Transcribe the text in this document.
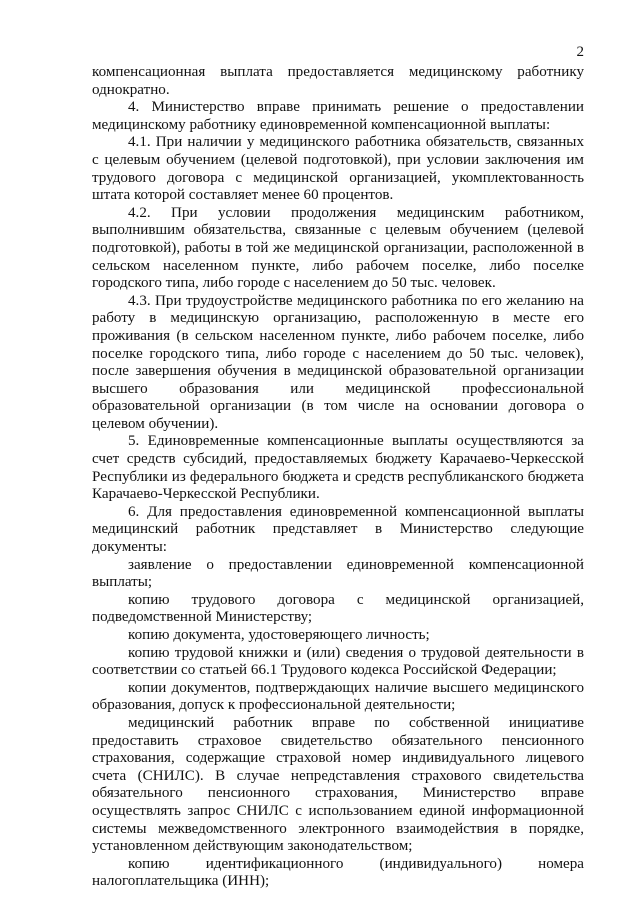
2

компенсационная выплата предоставляется медицинскому работнику однократно.

4. Министерство вправе принимать решение о предоставлении медицинскому работнику единовременной компенсационной выплаты:

4.1. При наличии у медицинского работника обязательств, связанных с целевым обучением (целевой подготовкой), при условии заключения им трудового договора с медицинской организацией, укомплектованность штата которой составляет менее 60 процентов.

4.2. При условии продолжения медицинским работником, выполнившим обязательства, связанные с целевым обучением (целевой подготовкой), работы в той же медицинской организации, расположенной в сельском населенном пункте, либо рабочем поселке, либо поселке городского типа, либо городе с населением до 50 тыс. человек.

4.3. При трудоустройстве медицинского работника по его желанию на работу в медицинскую организацию, расположенную в месте его проживания (в сельском населенном пункте, либо рабочем поселке, либо поселке городского типа, либо городе с населением до 50 тыс. человек), после завершения обучения в медицинской образовательной организации высшего образования или медицинской профессиональной образовательной организации (в том числе на основании договора о целевом обучении).

5. Единовременные компенсационные выплаты осуществляются за счет средств субсидий, предоставляемых бюджету Карачаево-Черкесской Республики из федерального бюджета и средств республиканского бюджета Карачаево-Черкесской Республики.

6. Для предоставления единовременной компенсационной выплаты медицинский работник представляет в Министерство следующие документы:

заявление о предоставлении единовременной компенсационной выплаты;

копию трудового договора с медицинской организацией, подведомственной Министерству;

копию документа, удостоверяющего личность;

копию трудовой книжки и (или) сведения о трудовой деятельности в соответствии со статьей 66.1 Трудового кодекса Российской Федерации;

копии документов, подтверждающих наличие высшего медицинского образования, допуск к профессиональной деятельности;

медицинский работник вправе по собственной инициативе предоставить страховое свидетельство обязательного пенсионного страхования, содержащие страховой номер индивидуального лицевого счета (СНИЛС). В случае непредставления страхового свидетельства обязательного пенсионного страхования, Министерство вправе осуществлять запрос СНИЛС с использованием единой информационной системы межведомственного электронного взаимодействия в порядке, установленном действующим законодательством;

копию идентификационного (индивидуального) номера налогоплательщика (ИНН);
